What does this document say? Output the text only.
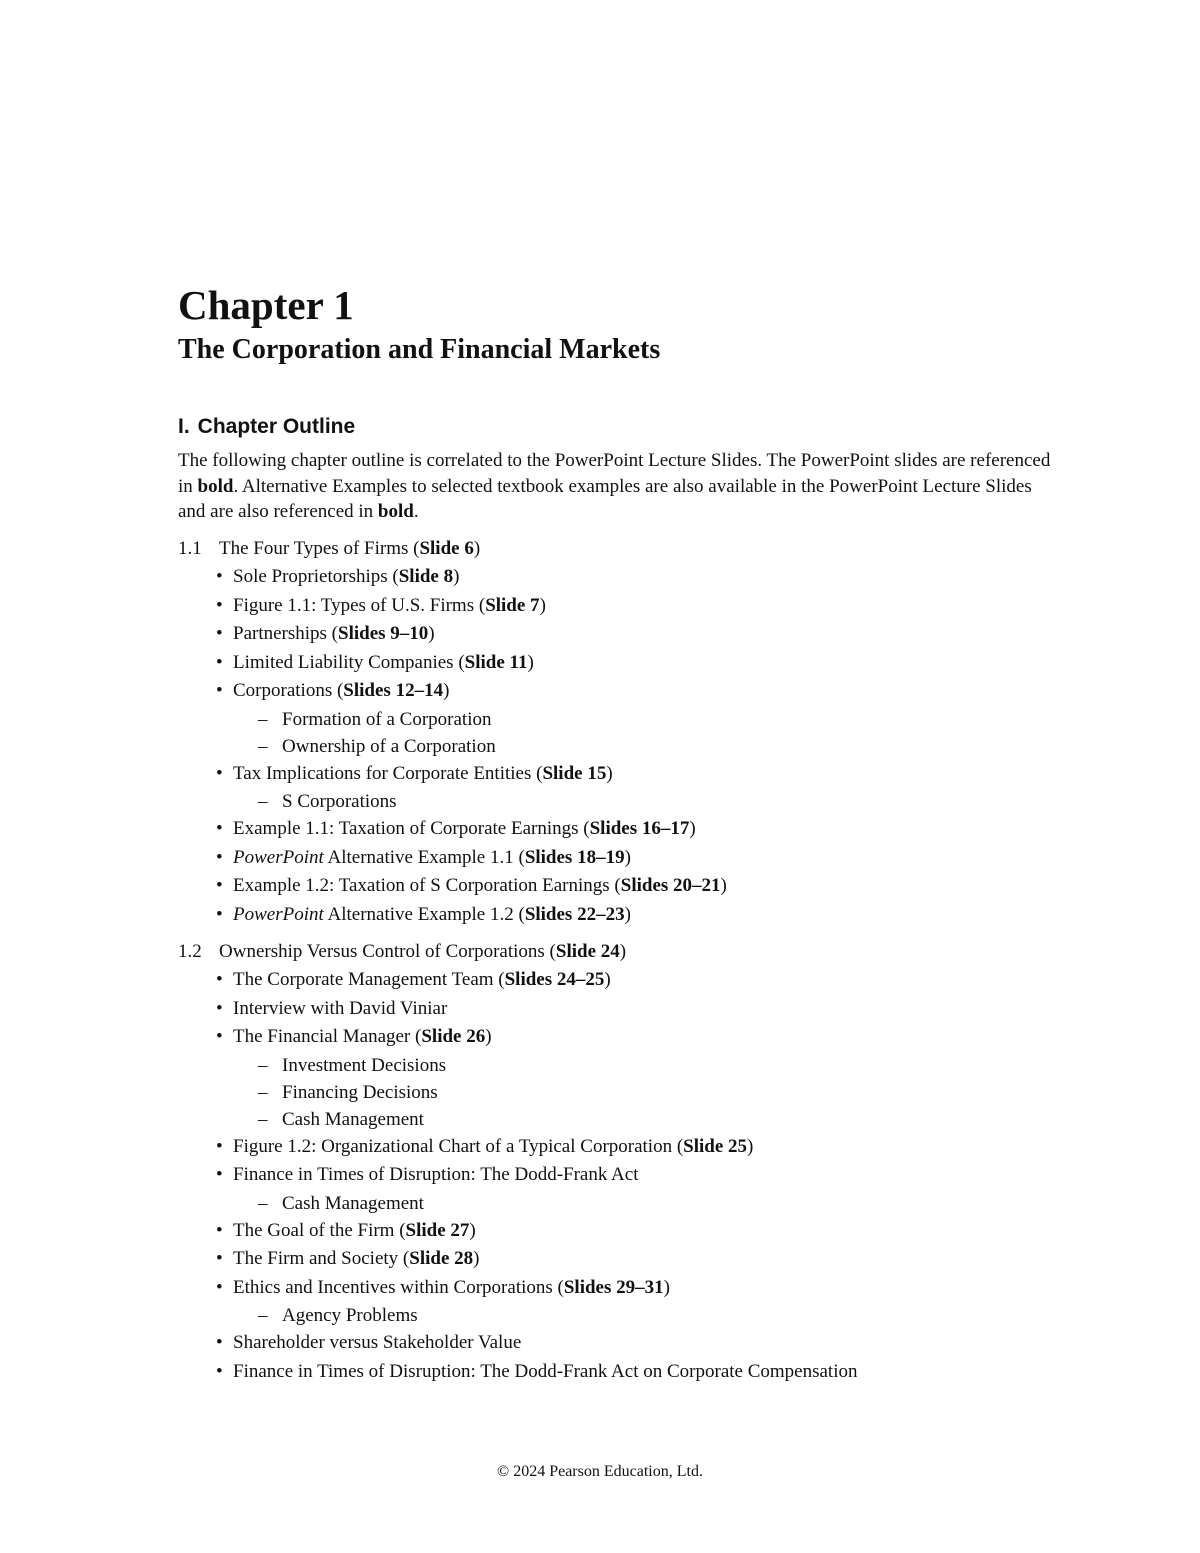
Chapter 1
The Corporation and Financial Markets
I. Chapter Outline

The following chapter outline is correlated to the PowerPoint Lecture Slides. The PowerPoint slides are referenced in bold. Alternative Examples to selected textbook examples are also available in the PowerPoint Lecture Slides and are also referenced in bold.

1.1 The Four Types of Firms (Slide 6)
• Sole Proprietorships (Slide 8)
• Figure 1.1: Types of U.S. Firms (Slide 7)
• Partnerships (Slides 9–10)
• Limited Liability Companies (Slide 11)
• Corporations (Slides 12–14)
– Formation of a Corporation
– Ownership of a Corporation
• Tax Implications for Corporate Entities (Slide 15)
– S Corporations
• Example 1.1: Taxation of Corporate Earnings (Slides 16–17)
• PowerPoint Alternative Example 1.1 (Slides 18–19)
• Example 1.2: Taxation of S Corporation Earnings (Slides 20–21)
• PowerPoint Alternative Example 1.2 (Slides 22–23)
1.2 Ownership Versus Control of Corporations (Slide 24)
• The Corporate Management Team (Slides 24–25)
• Interview with David Viniar
• The Financial Manager (Slide 26)
– Investment Decisions
– Financing Decisions
– Cash Management
• Figure 1.2: Organizational Chart of a Typical Corporation (Slide 25)
• Finance in Times of Disruption: The Dodd-Frank Act
– Cash Management
• The Goal of the Firm (Slide 27)
• The Firm and Society (Slide 28)
• Ethics and Incentives within Corporations (Slides 29–31)
– Agency Problems
• Shareholder versus Stakeholder Value
• Finance in Times of Disruption: The Dodd-Frank Act on Corporate Compensation
© 2024 Pearson Education, Ltd.
